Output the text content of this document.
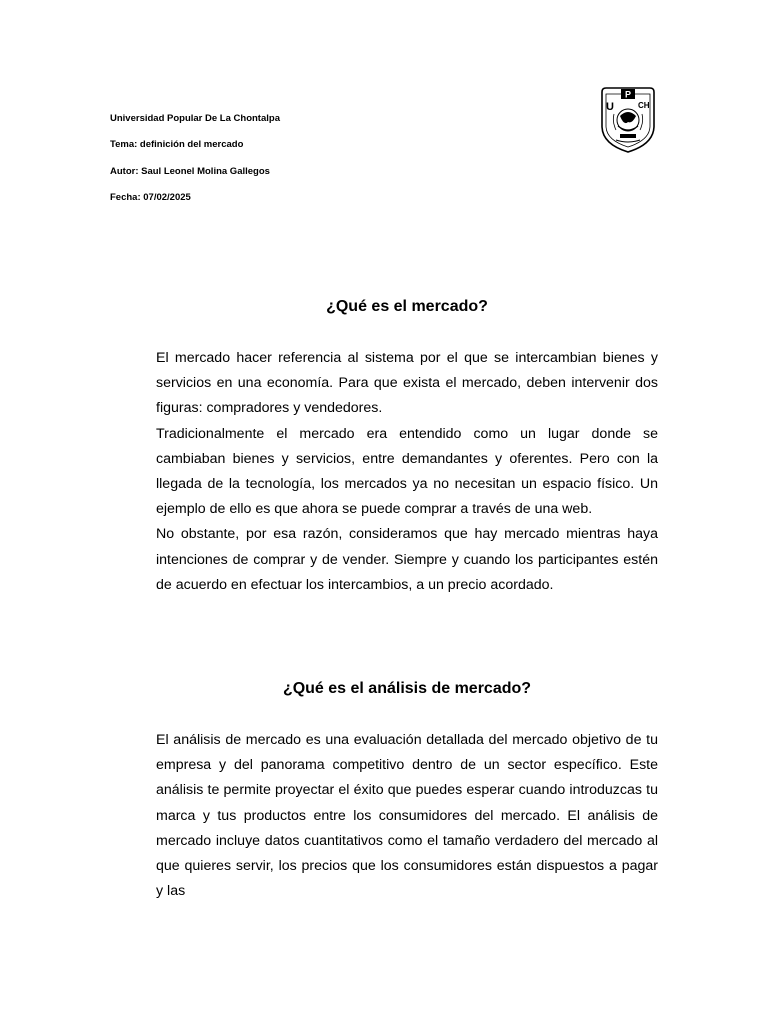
Universidad Popular De La Chontalpa
Tema: definición del mercado
Autor: Saul Leonel Molina Gallegos
Fecha: 07/02/2025
P
U	CH
¿Qué es el mercado?

El mercado hacer referencia al sistema por el que se intercambian bienes y servicios en una economía. Para que exista el mercado, deben intervenir dos figuras: compradores y vendedores.

Tradicionalmente el mercado era entendido como un lugar donde se cambiaban bienes y servicios, entre demandantes y oferentes. Pero con la llegada de la tecnología, los mercados ya no necesitan un espacio físico. Un ejemplo de ello es que ahora se puede comprar a través de una web.

No obstante, por esa razón, consideramos que hay mercado mientras haya intenciones de comprar y de vender. Siempre y cuando los participantes estén de acuerdo en efectuar los intercambios, a un precio acordado.

¿Qué es el análisis de mercado?

El análisis de mercado es una evaluación detallada del mercado objetivo de tu empresa y del panorama competitivo dentro de un sector específico. Este análisis te permite proyectar el éxito que puedes esperar cuando introduzcas tu marca y tus productos entre los consumidores del mercado. El análisis de mercado incluye datos cuantitativos como el tamaño verdadero del mercado al que quieres servir, los precios que los consumidores están dispuestos a pagar y las
